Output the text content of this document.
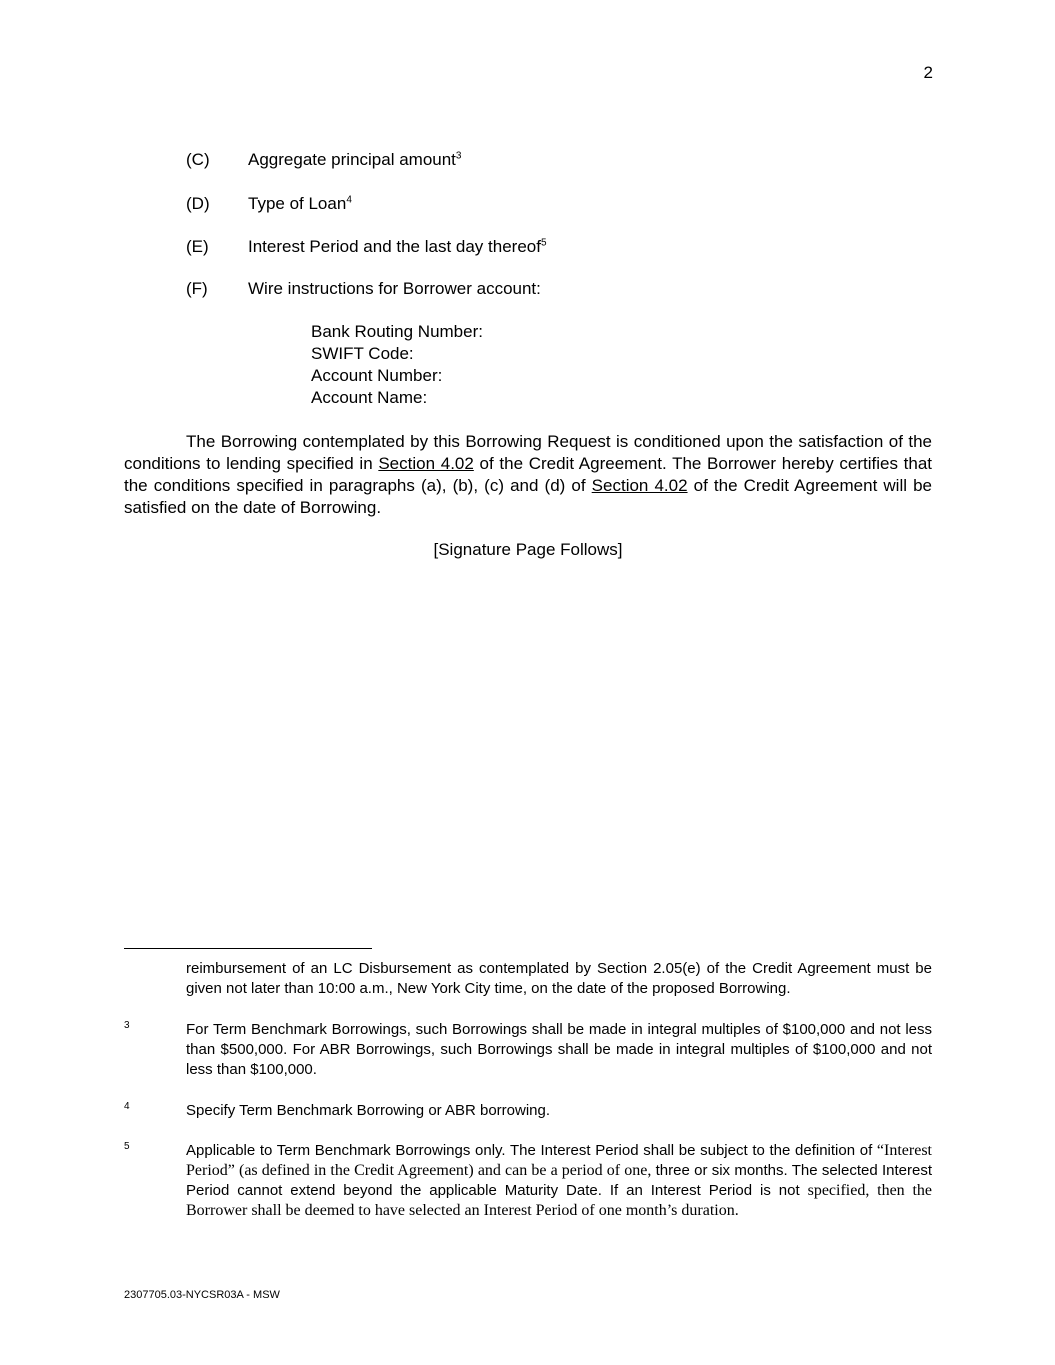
2
(C) Aggregate principal amount$^3$
(D) Type of Loan$^4$
(E) Interest Period and the last day thereof$^5$
(F) Wire instructions for Borrower account:
Bank Routing Number:
SWIFT Code:
Account Number:
Account Name:
The Borrowing contemplated by this Borrowing Request is conditioned upon the satisfaction of the conditions to lending specified in Section 4.02 of the Credit Agreement. The Borrower hereby certifies that the conditions specified in paragraphs (a), (b), (c) and (d) of Section 4.02 of the Credit Agreement will be satisfied on the date of Borrowing.
[Signature Page Follows]
reimbursement of an LC Disbursement as contemplated by Section 2.05(e) of the Credit Agreement must be given not later than 10:00 a.m., New York City time, on the date of the proposed Borrowing.
3	For Term Benchmark Borrowings, such Borrowings shall be made in integral multiples of $100,000 and not less than $500,000. For ABR Borrowings, such Borrowings shall be made in integral multiples of $100,000 and not less than $100,000.
4	Specify Term Benchmark Borrowing or ABR borrowing.
5	Applicable to Term Benchmark Borrowings only. The Interest Period shall be subject to the definition of “Interest Period” (as defined in the Credit Agreement) and can be a period of one, three or six months. The selected Interest Period cannot extend beyond the applicable Maturity Date. If an Interest Period is not specified, then the Borrower shall be deemed to have selected an Interest Period of one month’s duration.
2307705.03-NYCSR03A - MSW
